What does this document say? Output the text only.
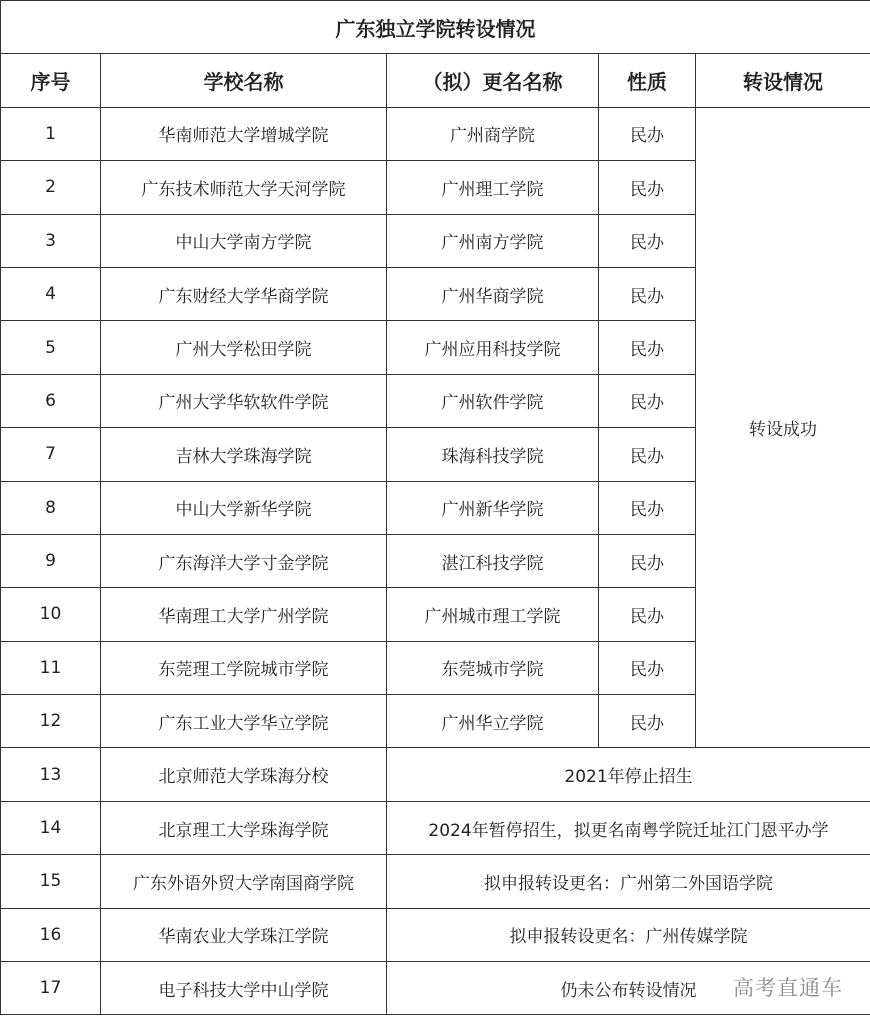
广东独立学院转设情况				
序号	学校名称	（拟）更名名称	性质	转设情况
1	华南师范大学增城学院	广州商学院	民办	转设成功
2	广东技术师范大学天河学院	广州理工学院	民办	
3	中山大学南方学院	广州南方学院	民办	
4	广东财经大学华商学院	广州华商学院	民办	
5	广州大学松田学院	广州应用科技学院	民办	
6	广州大学华软软件学院	广州软件学院	民办	
7	吉林大学珠海学院	珠海科技学院	民办	
8	中山大学新华学院	广州新华学院	民办	
9	广东海洋大学寸金学院	湛江科技学院	民办	
10	华南理工大学广州学院	广州城市理工学院	民办	
11	东莞理工学院城市学院	东莞城市学院	民办	
12	广东工业大学华立学院	广州华立学院	民办	
13	北京师范大学珠海分校	2021年停止招生		
14	北京理工大学珠海学院	2024年暂停招生，拟更名南粤学院迁址江门恩平办学		
15	广东外语外贸大学南国商学院	拟申报转设更名：广州第二外国语学院		
16	华南农业大学珠江学院	拟申报转设更名：广州传媒学院		
17	电子科技大学中山学院	仍未公布转设情况		高考直通车
